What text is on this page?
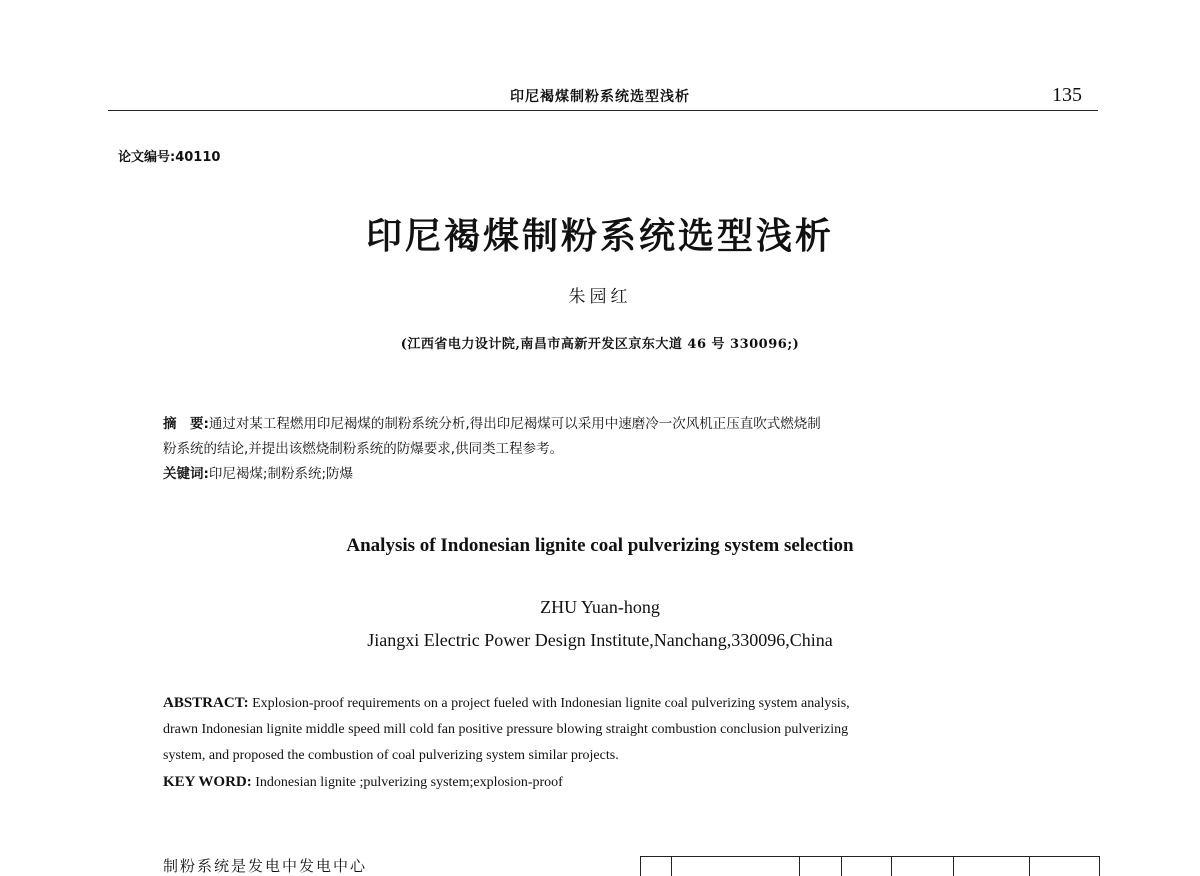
印尼褐煤制粉系统选型浅析	135
论文编号:40110
印尼褐煤制粉系统选型浅析
朱园红
(江西省电力设计院,南昌市高新开发区京东大道 46 号 330096;)
摘　要:通过对某工程燃用印尼褐煤的制粉系统分析,得出印尼褐煤可以采用中速磨冷一次风机正压直吹式燃烧制
粉系统的结论,并提出该燃烧制粉系统的防爆要求,供同类工程参考。
关键词:印尼褐煤;制粉系统;防爆
Analysis of Indonesian lignite coal pulverizing system selection
ZHU Yuan-hong
Jiangxi Electric Power Design Institute,Nanchang,330096,China
ABSTRACT: Explosion-proof requirements on a project fueled with Indonesian lignite coal pulverizing system analysis,
drawn Indonesian lignite middle speed mill cold fan positive pressure blowing straight combustion conclusion pulverizing
system, and proposed the combustion of coal pulverizing system similar projects.
KEY WORD: Indonesian lignite ;pulverizing system;explosion-proof
制粉系统是发电中发电中心
